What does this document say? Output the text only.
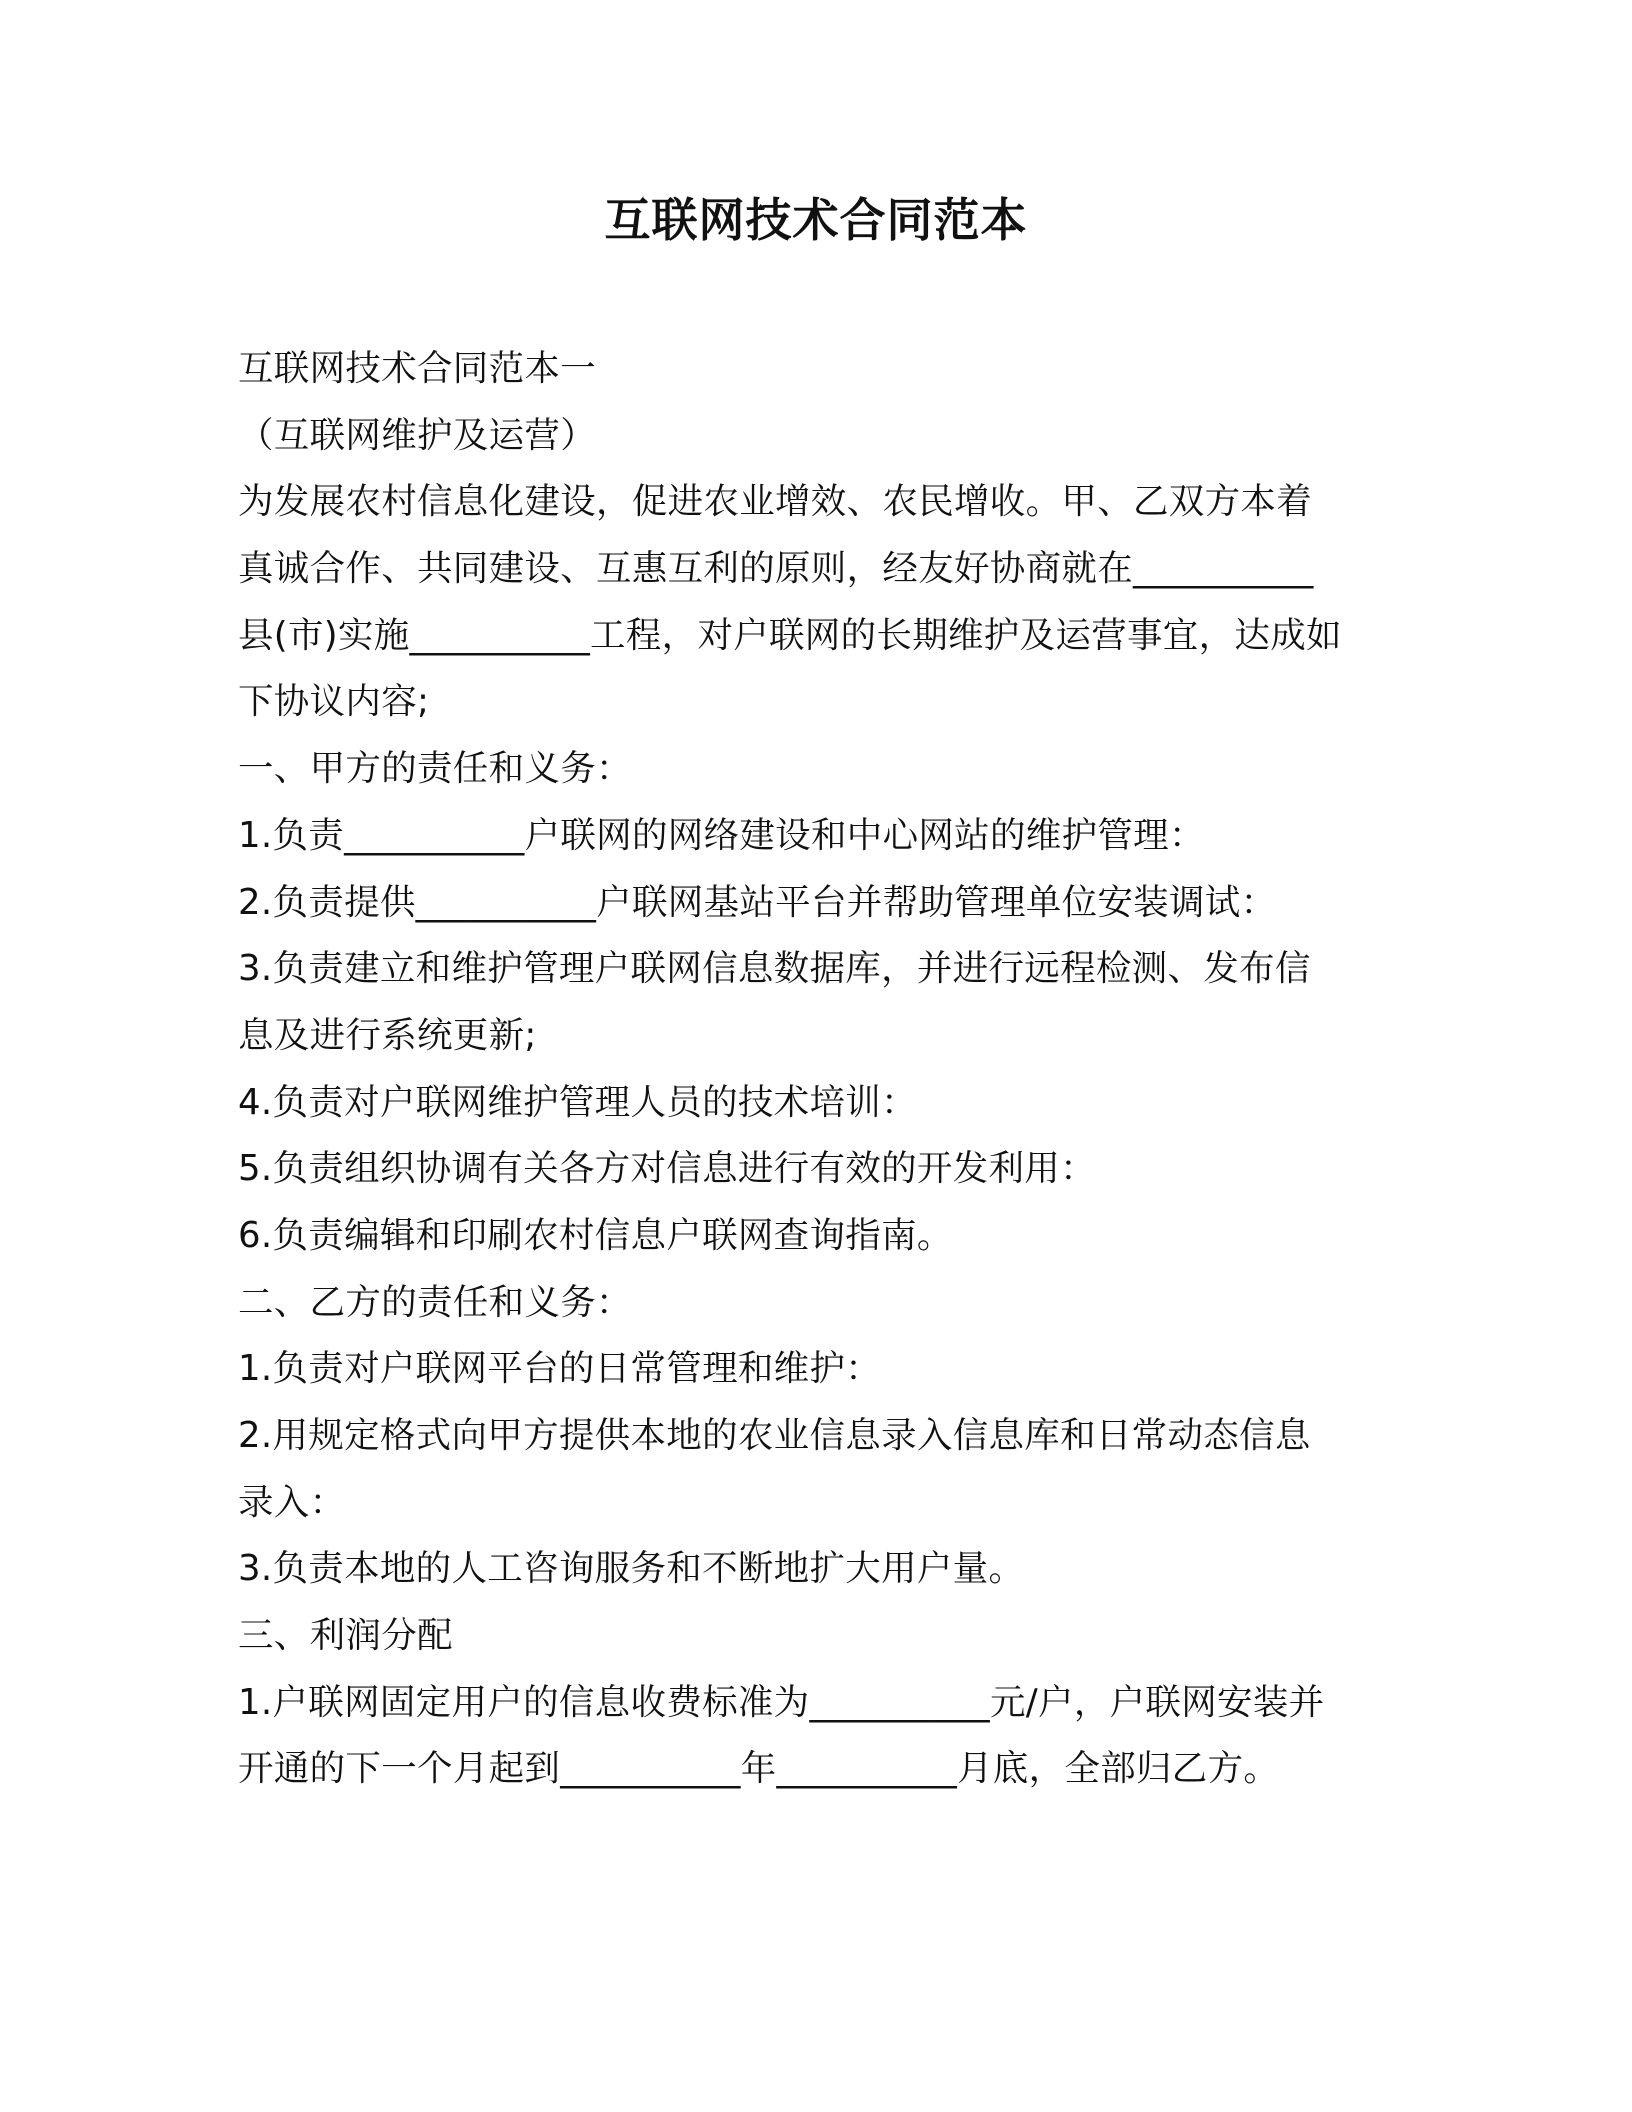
互联网技术合同范本
互联网技术合同范本一
（互联网维护及运营）
为发展农村信息化建设，促进农业增效、农民增收。甲、乙双方本着
真诚合作、共同建设、互惠互利的原则，经友好协商就在__________
县(市)实施__________工程，对户联网的长期维护及运营事宜，达成如
下协议内容;
一、甲方的责任和义务：
1.负责__________户联网的网络建设和中心网站的维护管理：
2.负责提供__________户联网基站平台并帮助管理单位安装调试：
3.负责建立和维护管理户联网信息数据库，并进行远程检测、发布信
息及进行系统更新;
4.负责对户联网维护管理人员的技术培训：
5.负责组织协调有关各方对信息进行有效的开发利用：
6.负责编辑和印刷农村信息户联网查询指南。
二、乙方的责任和义务：
1.负责对户联网平台的日常管理和维护：
2.用规定格式向甲方提供本地的农业信息录入信息库和日常动态信息
录入：
3.负责本地的人工咨询服务和不断地扩大用户量。
三、利润分配
1.户联网固定用户的信息收费标准为__________元/户，户联网安装并
开通的下一个月起到__________年__________月底，全部归乙方。
